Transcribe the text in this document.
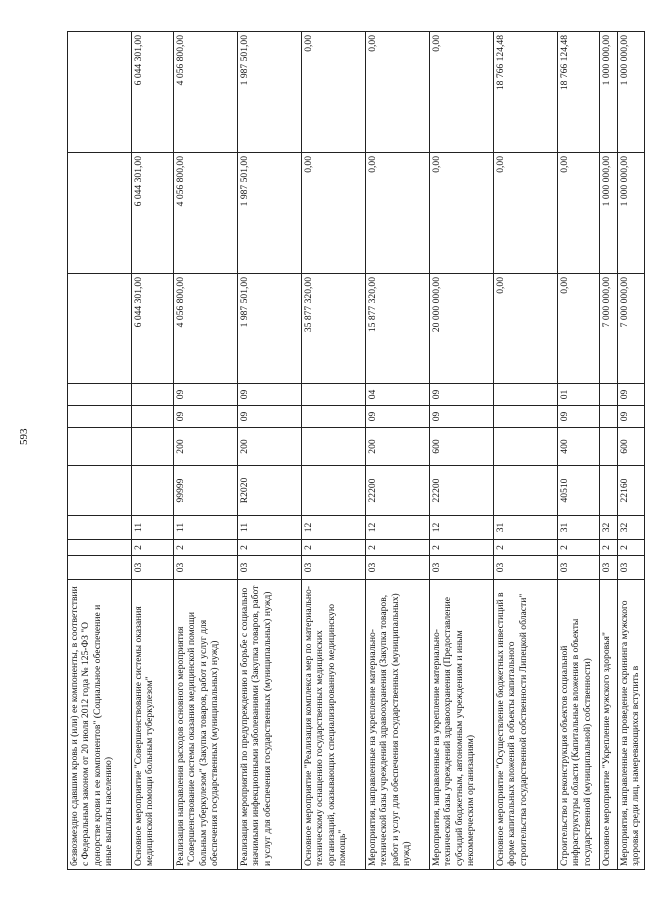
593
безвозмездно сдавшим кровь и (или) ее компоненты, в соответствии с Федеральным законом от 20 июля 2012 года № 125-ФЗ "О донорстве крови и ее компонентов" (Социальное обеспечение и иные выплаты населению)										
Основное мероприятие "Совершенствование системы оказания медицинской помощи больным туберкулезом"	03	2	11					6 044 301,00	6 044 301,00	6 044 301,00
Реализация направления расходов основного мероприятия "Совершенствование системы оказания медицинской помощи больным туберкулезом" (Закупка товаров, работ и услуг для обеспечения государственных (муниципальных) нужд)	03	2	11	99999	200	09	09	4 056 800,00	4 056 800,00	4 056 800,00
Реализация мероприятий по предупреждению и борьбе с социально значимыми инфекционными заболеваниями (Закупка товаров, работ и услуг для обеспечения государственных (муниципальных) нужд)	03	2	11	R2020	200	09	09	1 987 501,00	1 987 501,00	1 987 501,00
Основное мероприятие "Реализация комплекса мер по материально-техническому оснащению государственных медицинских организаций, оказывающих специализированную медицинскую помощь"	03	2	12					35 877 320,00	0,00	0,00
Мероприятия, направленные на укрепление материально-технической базы учреждений здравоохранения (Закупка товаров, работ и услуг для обеспечения государственных (муниципальных) нужд)	03	2	12	22200	200	09	04	15 877 320,00	0,00	0,00
Мероприятия, направленные на укрепление материально-технической базы учреждений здравоохранения (Предоставление субсидий бюджетным, автономным учреждениям и иным некоммерческим организациям)	03	2	12	22200	600	09	09	20 000 000,00	0,00	0,00
Основное мероприятие "Осуществление бюджетных инвестиций в форме капитальных вложений в объекты капитального строительства государственной собственности Липецкой области"	03	2	31					0,00	0,00	18 766 124,48
Строительство и реконструкция объектов социальной инфраструктуры области (Капитальные вложения в объекты государственной (муниципальной) собственности)	03	2	31	40510	400	09	01	0,00	0,00	18 766 124,48
Основное мероприятие "Укрепление мужского здоровья"	03	2	32					7 000 000,00	1 000 000,00	1 000 000,00
Мероприятия, направленные на проведение скрининга мужского здоровья среди лиц, намеревающихся вступить в	03	2	32	22160	600	09	09	7 000 000,00	1 000 000,00	1 000 000,00
